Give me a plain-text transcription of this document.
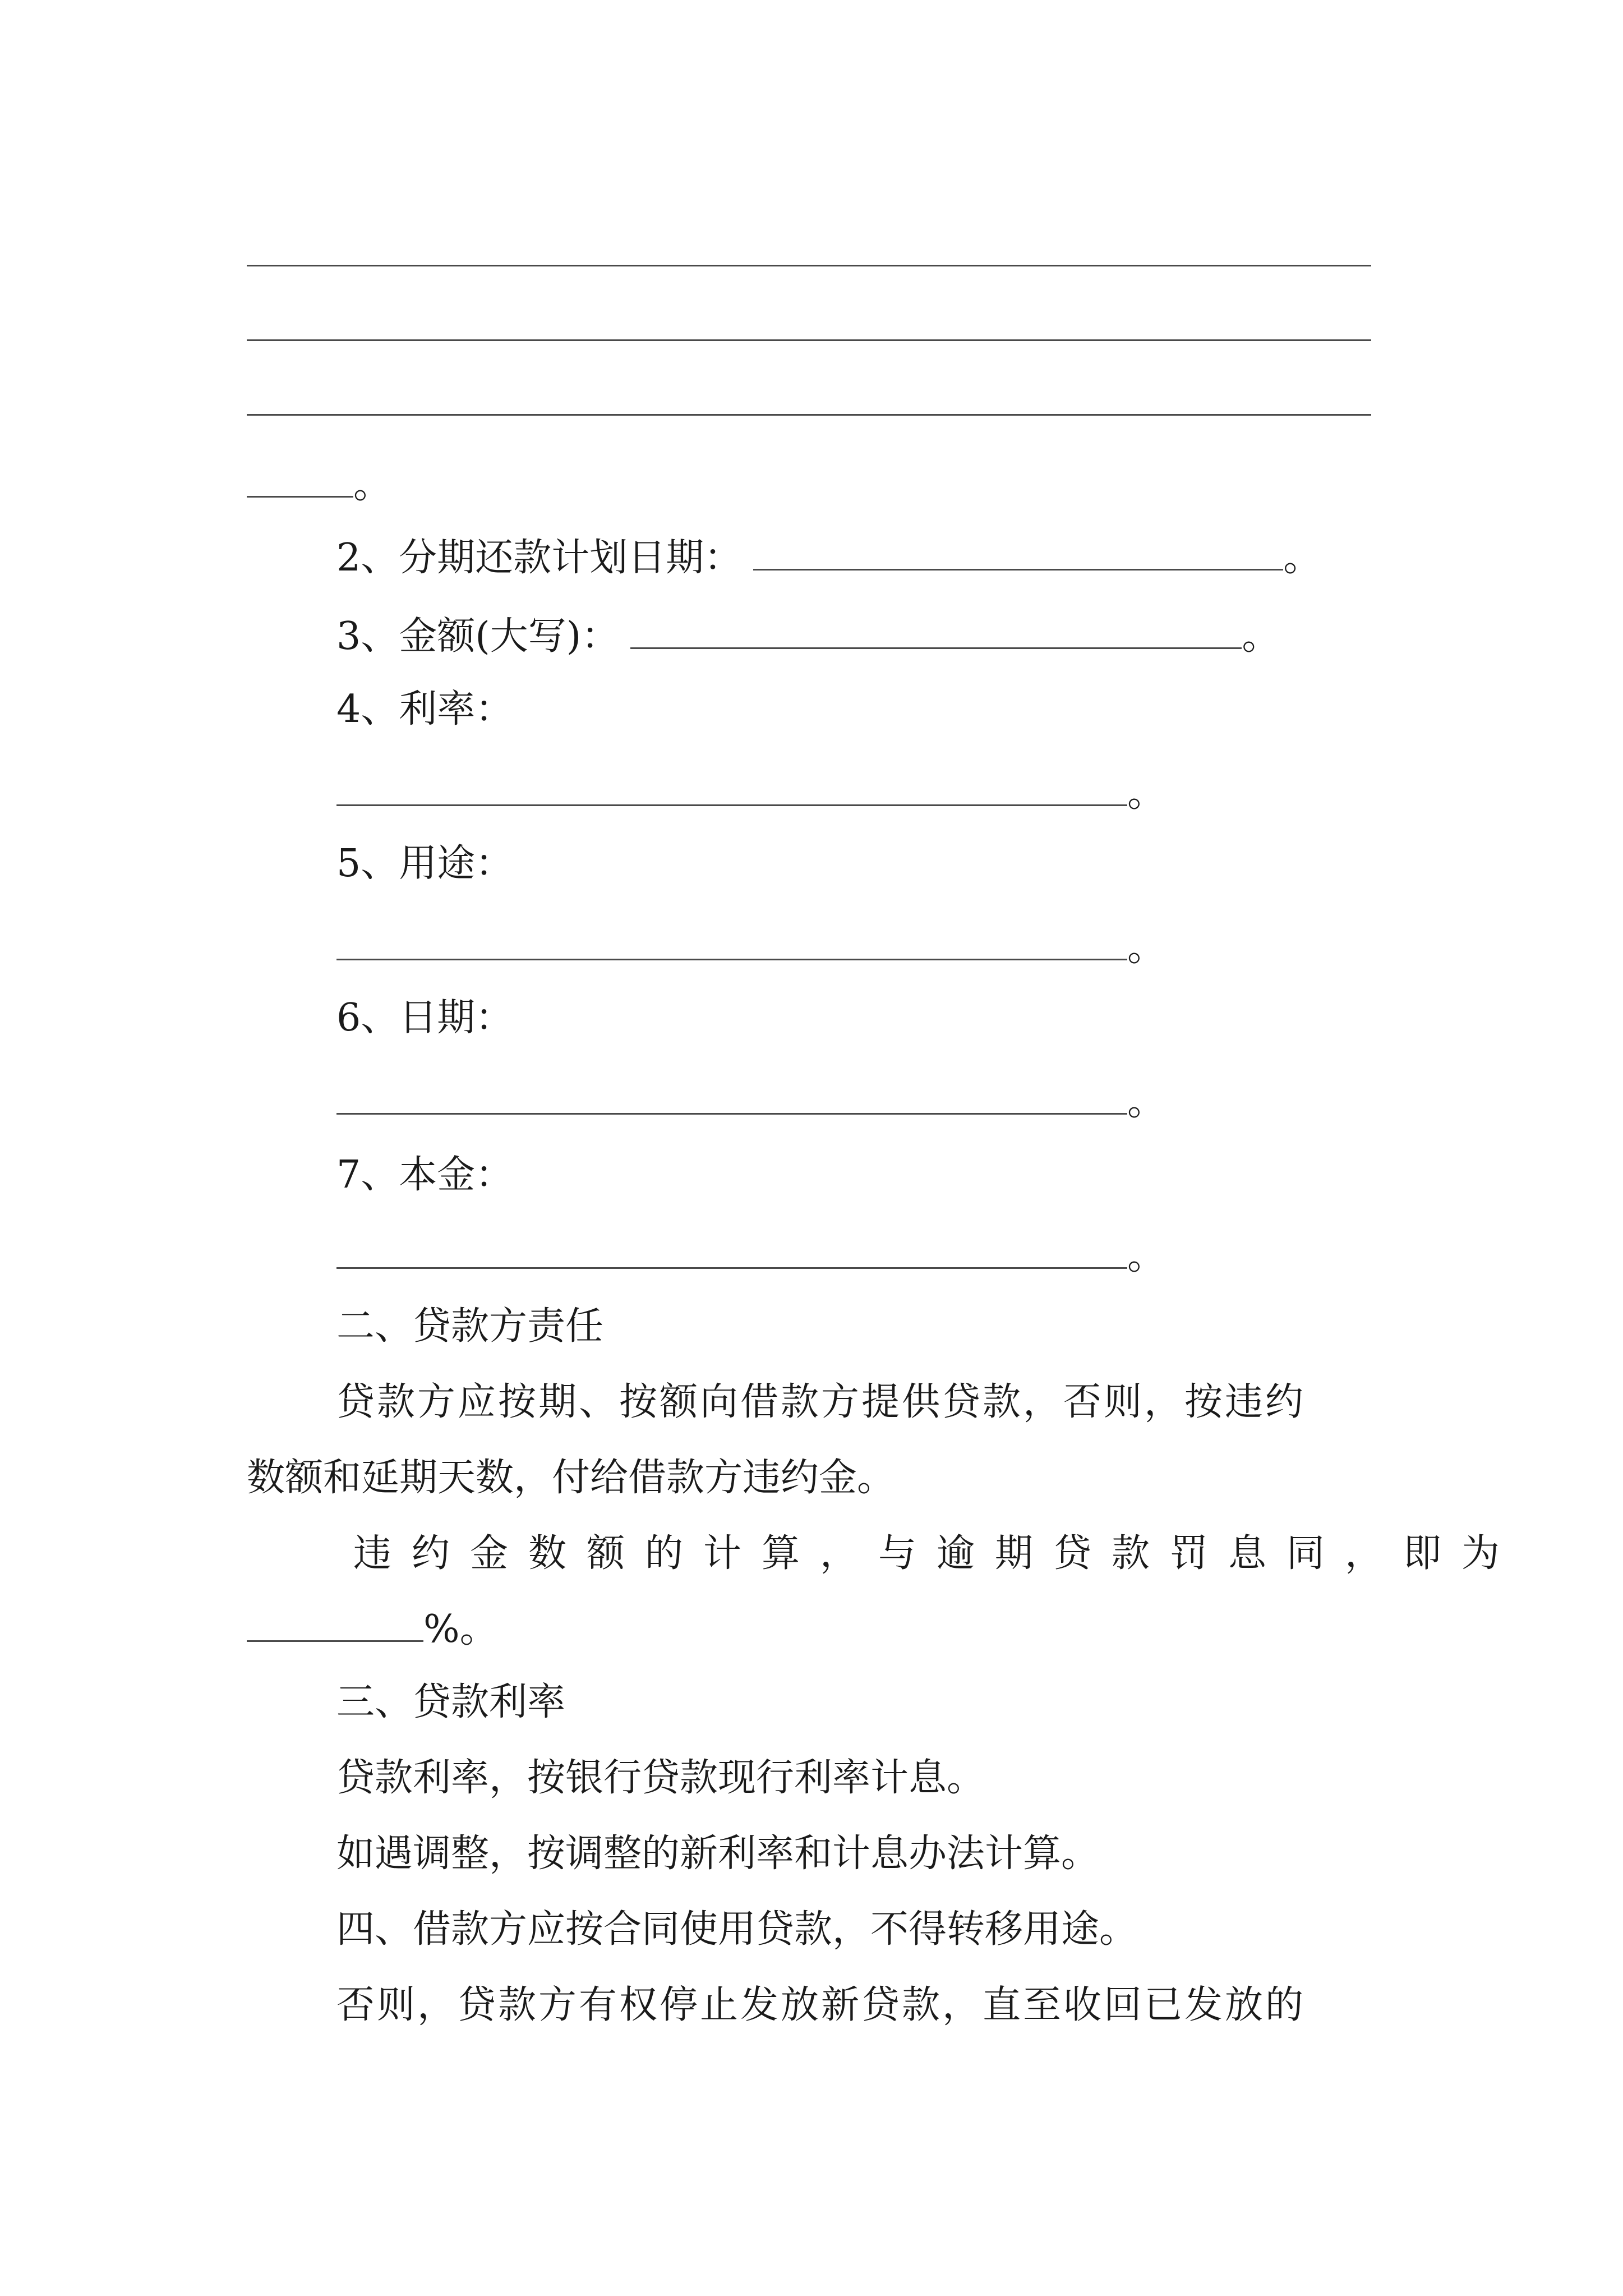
。
2、分期还款计划日期：	。
3、金额(大写)：	。
4、利率：
。
5、用途：
。
6、日期：
。
7、本金：
。
二、贷款方责任
贷款方应按期、按额向借款方提供贷款，否则，按违约
数额和延期天数，付给借款方违约金。
违约金数额的计算，与逾期贷款罚息同，即为
%。
三、贷款利率
贷款利率，按银行贷款现行利率计息。
如遇调整，按调整的新利率和计息办法计算。
四、借款方应按合同使用贷款，不得转移用途。
否则，贷款方有权停止发放新贷款，直至收回已发放的
